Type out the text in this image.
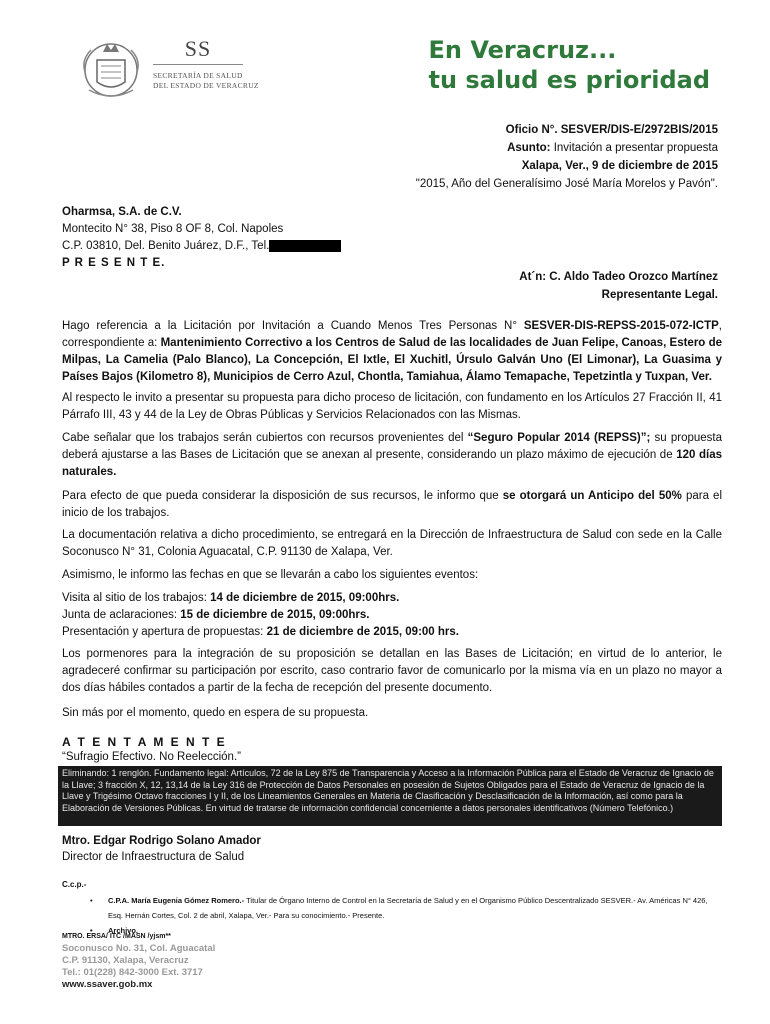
SS
SECRETARÍA DE SALUD
DEL ESTADO DE VERACRUZ
En Veracruz...
tu salud es prioridad
Oficio N°. SESVER/DIS-E/2972BIS/2015
Asunto: Invitación a presentar propuesta
Xalapa, Ver., 9 de diciembre de 2015
"2015, Año del Generalísimo José María Morelos y Pavón".
Oharmsa, S.A. de C.V.
Montecito N° 38, Piso 8 OF 8, Col. Napoles
C.P. 03810, Del. Benito Juárez, D.F., Tel.
P R E S E N T E.
At´n: C. Aldo Tadeo Orozco Martínez
Representante Legal.
Hago referencia a la Licitación por Invitación a Cuando Menos Tres Personas N° SESVER-DIS-REPSS-2015-072-ICTP, correspondiente a: Mantenimiento Correctivo a los Centros de Salud de las localidades de Juan Felipe, Canoas, Estero de Milpas, La Camelia (Palo Blanco), La Concepción, El Ixtle, El Xuchitl, Úrsulo Galván Uno (El Limonar), La Guasima y Países Bajos (Kilometro 8), Municipios de Cerro Azul, Chontla, Tamiahua, Álamo Temapache, Tepetzintla y Tuxpan, Ver.
Al respecto le invito a presentar su propuesta para dicho proceso de licitación, con fundamento en los Artículos 27 Fracción II, 41 Párrafo III, 43 y 44 de la Ley de Obras Públicas y Servicios Relacionados con las Mismas.
Cabe señalar que los trabajos serán cubiertos con recursos provenientes del “Seguro Popular 2014 (REPSS)”; su propuesta deberá ajustarse a las Bases de Licitación que se anexan al presente, considerando un plazo máximo de ejecución de 120 días naturales.
Para efecto de que pueda considerar la disposición de sus recursos, le informo que se otorgará un Anticipo del 50% para el inicio de los trabajos.
La documentación relativa a dicho procedimiento, se entregará en la Dirección de Infraestructura de Salud con sede en la Calle Soconusco N° 31, Colonia Aguacatal, C.P. 91130 de Xalapa, Ver.
Asimismo, le informo las fechas en que se llevarán a cabo los siguientes eventos:
Visita al sitio de los trabajos: 14 de diciembre de 2015, 09:00hrs.
Junta de aclaraciones: 15 de diciembre de 2015, 09:00hrs.
Presentación y apertura de propuestas: 21 de diciembre de 2015, 09:00 hrs.
Los pormenores para la integración de su proposición se detallan en las Bases de Licitación; en virtud de lo anterior, le agradeceré confirmar su participación por escrito, caso contrario favor de comunicarlo por la misma vía en un plazo no mayor a dos días hábiles contados a partir de la fecha de recepción del presente documento.
Sin más por el momento, quedo en espera de su propuesta.
A T E N T A M E N T E
“Sufragio Efectivo. No Reelección.”
Eliminando: 1 renglón. Fundamento legal: Artículos, 72 de la Ley 875 de Transparencia y Acceso a la Información Pública para el Estado de Veracruz de Ignacio de la Llave; 3 fracción X, 12, 13,14 de la Ley 316 de Protección de Datos Personales en posesión de Sujetos Obligados para el Estado de Veracruz de Ignacio de la Llave y Trigésimo Octavo fracciones I y II, de los Lineamientos Generales en Materia de Clasificación y Desclasificación de la Información, así como para la Elaboración de Versiones Públicas. En virtud de tratarse de información confidencial concerniente a datos personales identificativos (Número Telefónico.)
Mtro. Edgar Rodrigo Solano Amador
Director de Infraestructura de Salud
C.c.p.-
• C.P.A. María Eugenia Gómez Romero.- Titular de Órgano Interno de Control en la Secretaría de Salud y en el Organismo Público Descentralizado SESVER.- Av. Américas N° 426, Esq. Hernán Cortes, Col. 2 de abril, Xalapa, Ver.- Para su conocimiento.- Presente.
• Archivo.
MTRO. ERSA/ ITC /MASN /yjsm**
Soconusco No. 31, Col. Aguacatal
C.P. 91130, Xalapa, Veracruz
Tel.: 01(228) 842-3000 Ext. 3717
www.ssaver.gob.mx
